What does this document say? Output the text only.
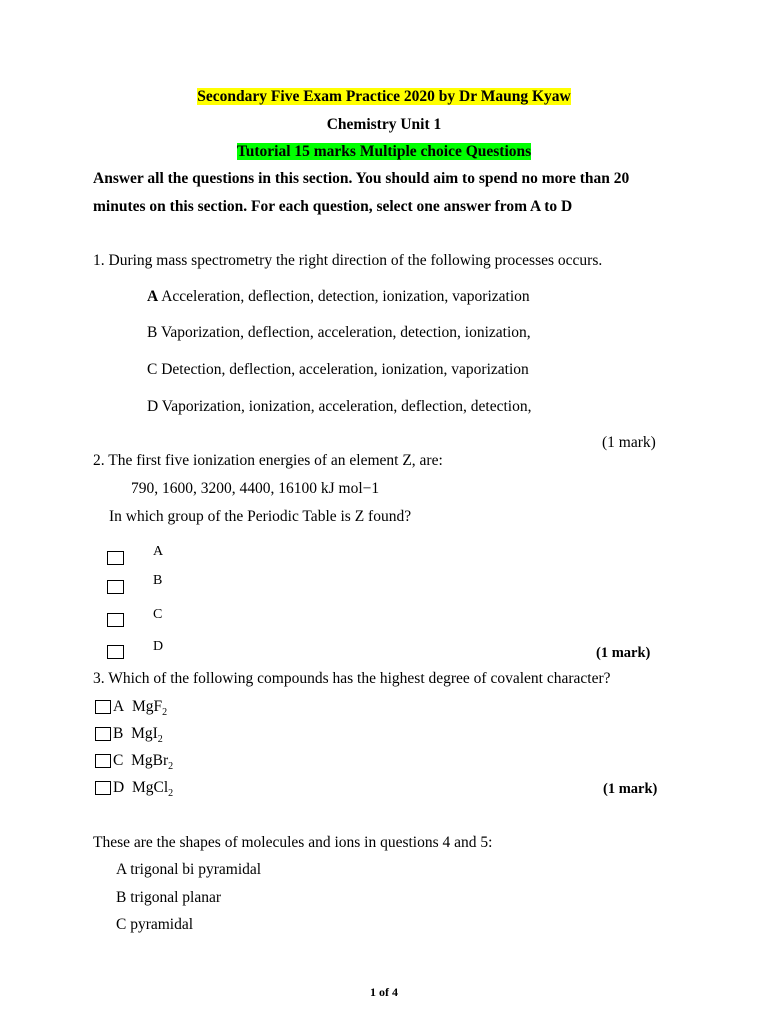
Secondary Five Exam Practice 2020 by Dr Maung Kyaw
Chemistry Unit 1
Tutorial 15 marks Multiple choice Questions
Answer all the questions in this section. You should aim to spend no more than 20
minutes on this section. For each question, select one answer from A to D
1. During mass spectrometry the right direction of the following processes occurs.
A Acceleration, deflection, detection, ionization, vaporization
B Vaporization, deflection, acceleration, detection, ionization,
C Detection, deflection, acceleration, ionization, vaporization
D Vaporization, ionization, acceleration, deflection, detection,
(1 mark)
2. The first five ionization energies of an element Z, are:
790, 1600, 3200, 4400, 16100 kJ mol−1
In which group of the Periodic Table is Z found?
A
B
C
D	(1 mark)
3. Which of the following compounds has the highest degree of covalent character?
A MgF$_2$
B MgI$_2$
C MgBr$_2$
D MgCl$_2$	(1 mark)
These are the shapes of molecules and ions in questions 4 and 5:
A trigonal bi pyramidal
B trigonal planar
C pyramidal
1 of 4
